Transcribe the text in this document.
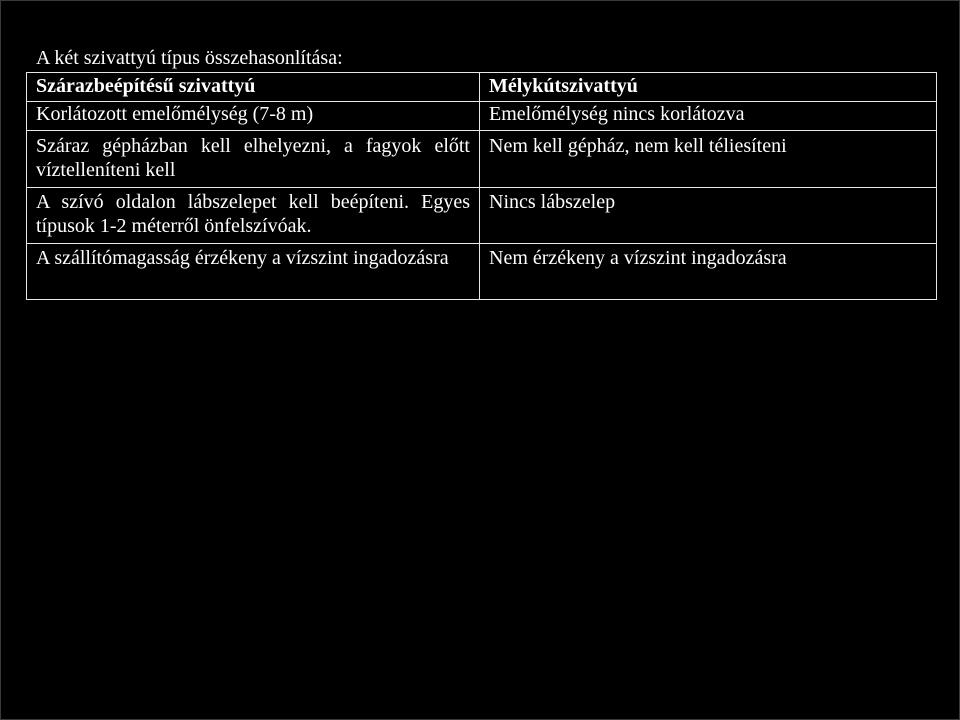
A két szivattyú típus összehasonlítása:
Szárazbeépítésű szivattyú	Mélykútszivattyú
Korlátozott emelőmélység (7-8 m)	Emelőmélység nincs korlátozva
Száraz gépházban kell elhelyezni, a fagyok előtt víztelleníteni kell	Nem kell gépház, nem kell téliesíteni
A szívó oldalon lábszelepet kell beépíteni. Egyes típusok 1-2 méterről önfelszívóak.	Nincs lábszelep
A szállítómagasság érzékeny a vízszint ingadozásra	Nem érzékeny a vízszint ingadozásra
